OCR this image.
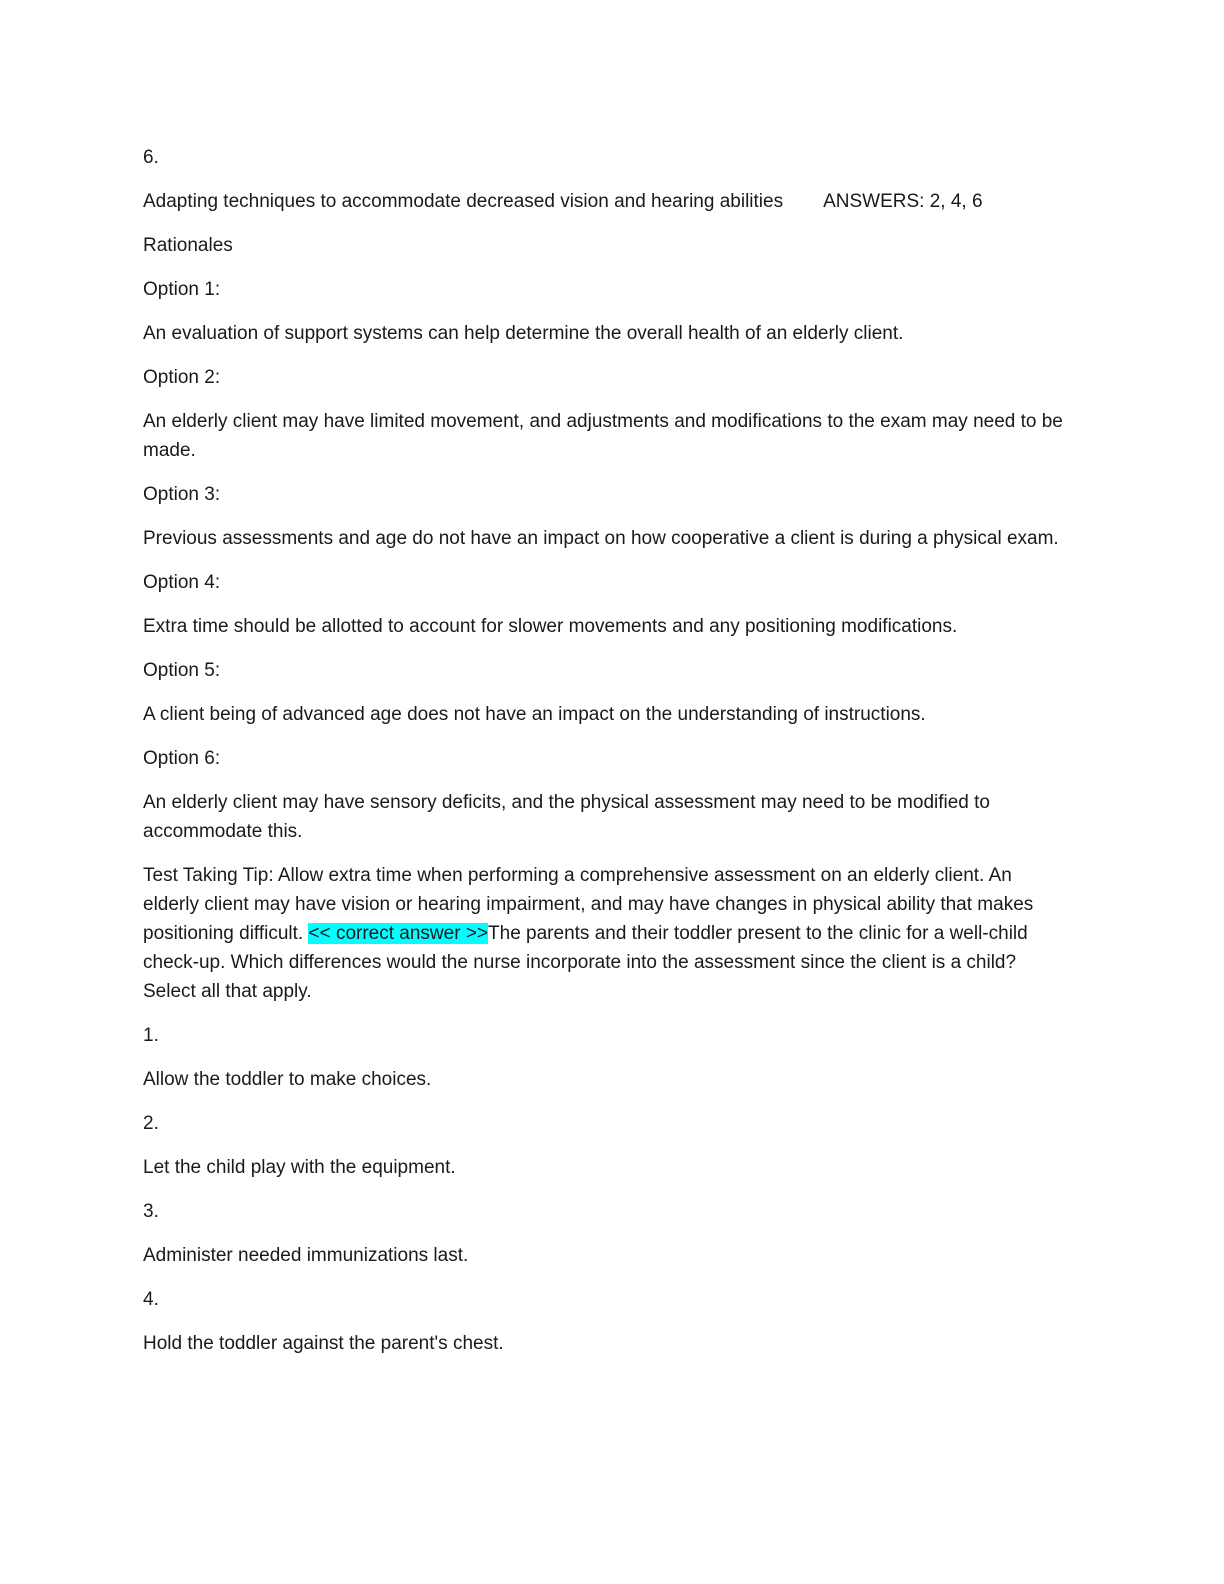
6.

Adapting techniques to accommodate decreased vision and hearing abilities ANSWERS: 2, 4, 6

Rationales

Option 1:

An evaluation of support systems can help determine the overall health of an elderly client.

Option 2:

An elderly client may have limited movement, and adjustments and modifications to the exam may need to be made.

Option 3:

Previous assessments and age do not have an impact on how cooperative a client is during a physical exam.

Option 4:

Extra time should be allotted to account for slower movements and any positioning modifications.

Option 5:

A client being of advanced age does not have an impact on the understanding of instructions.

Option 6:

An elderly client may have sensory deficits, and the physical assessment may need to be modified to accommodate this.

Test Taking Tip: Allow extra time when performing a comprehensive assessment on an elderly client. An elderly client may have vision or hearing impairment, and may have changes in physical ability that makes positioning difficult. << correct answer >>The parents and their toddler present to the clinic for a well-child check-up. Which differences would the nurse incorporate into the assessment since the client is a child? Select all that apply.

1.

Allow the toddler to make choices.

2.

Let the child play with the equipment.

3.

Administer needed immunizations last.

4.

Hold the toddler against the parent's chest.
